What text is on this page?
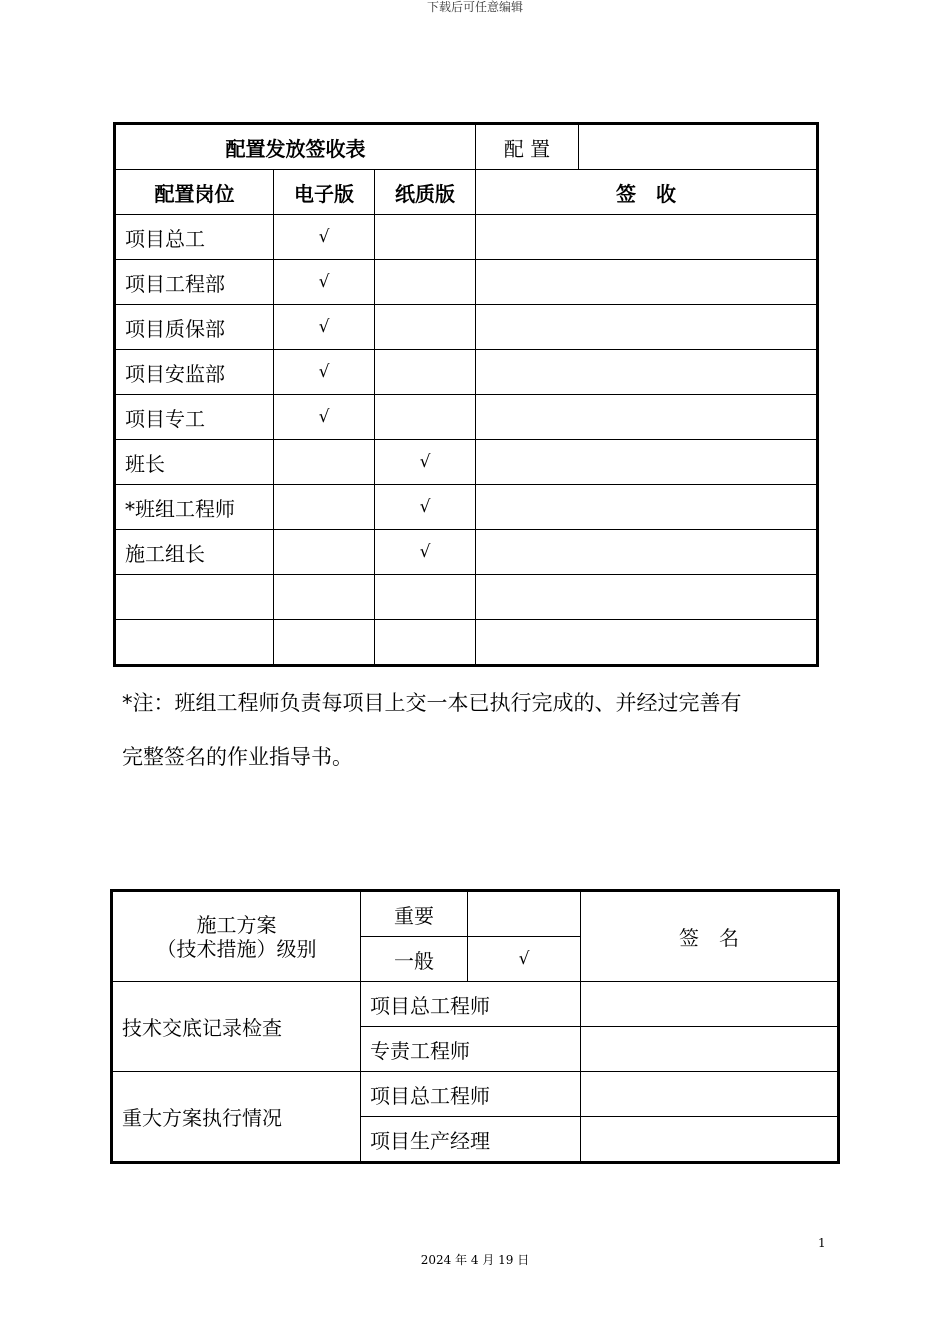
下载后可任意编辑
配置发放签收表			配 置	
配置岗位	电子版	纸质版	签　收	
项目总工	√			
项目工程部	√			
项目质保部	√			
项目安监部	√			
项目专工	√			
班长		√		
*班组工程师		√		
施工组长		√		

*注：班组工程师负责每项目上交一本已执行完成的、并经过完善有
完整签名的作业指导书。
施工方案
（技术措施）级别	重要		签　名
	一般	√	
技术交底记录检查	项目总工程师		
	专责工程师		
重大方案执行情况	项目总工程师		
	项目生产经理		
1
2024 年 4 月 19 日
